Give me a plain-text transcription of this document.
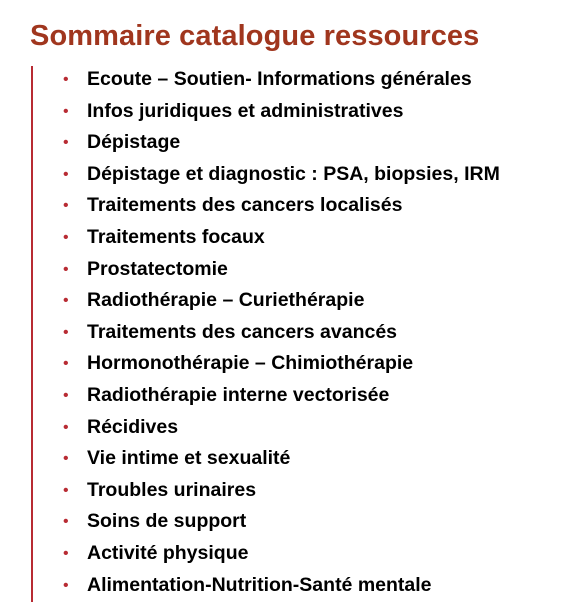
Sommaire catalogue ressources
• Ecoute – Soutien- Informations générales
• Infos juridiques et administratives
• Dépistage
• Dépistage et diagnostic : PSA, biopsies, IRM
• Traitements des cancers localisés
• Traitements focaux
• Prostatectomie
• Radiothérapie – Curiethérapie
• Traitements des cancers avancés
• Hormonothérapie – Chimiothérapie
• Radiothérapie interne vectorisée
• Récidives
• Vie intime et sexualité
• Troubles urinaires
• Soins de support
• Activité physique
• Alimentation-Nutrition-Santé mentale
